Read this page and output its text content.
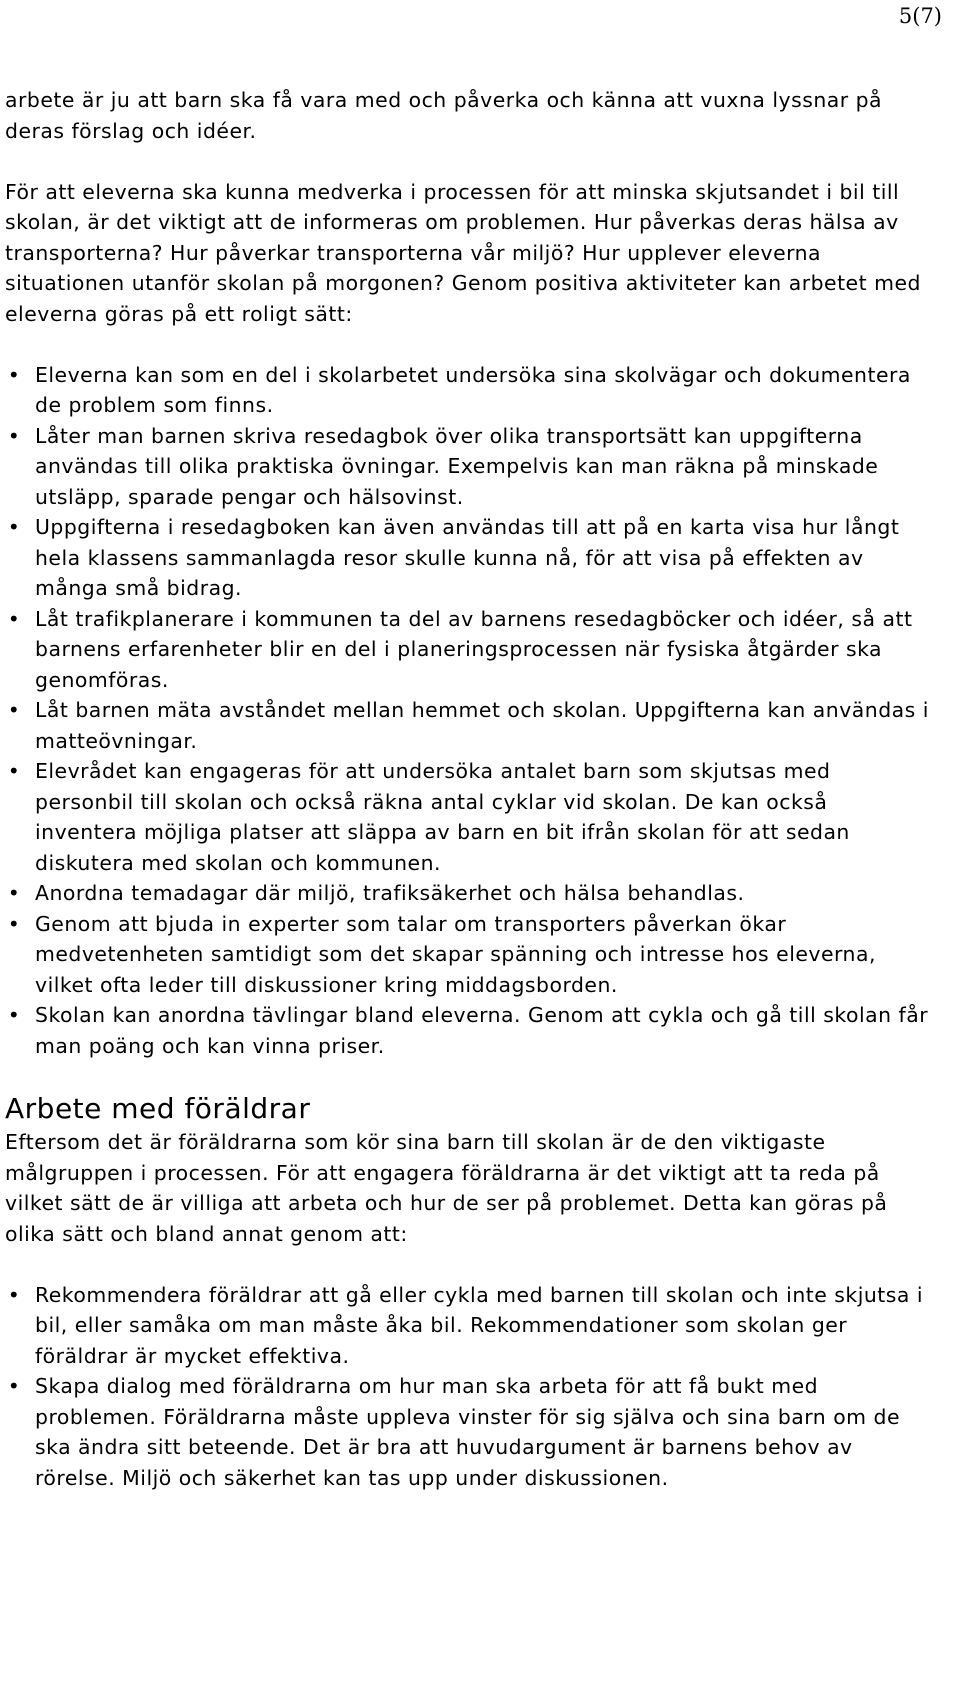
5(7)

arbete är ju att barn ska få vara med och påverka och känna att vuxna lyssnar på deras förslag och idéer.

För att eleverna ska kunna medverka i processen för att minska skjutsandet i bil till skolan, är det viktigt att de informeras om problemen. Hur påverkas deras hälsa av transporterna? Hur påverkar transporterna vår miljö? Hur upplever eleverna situationen utanför skolan på morgonen? Genom positiva aktiviteter kan arbetet med eleverna göras på ett roligt sätt:

• Eleverna kan som en del i skolarbetet undersöka sina skolvägar och dokumentera de problem som finns.
• Låter man barnen skriva resedagbok över olika transportsätt kan uppgifterna användas till olika praktiska övningar. Exempelvis kan man räkna på minskade utsläpp, sparade pengar och hälsovinst.
• Uppgifterna i resedagboken kan även användas till att på en karta visa hur långt hela klassens sammanlagda resor skulle kunna nå, för att visa på effekten av många små bidrag.
• Låt trafikplanerare i kommunen ta del av barnens resedagböcker och idéer, så att barnens erfarenheter blir en del i planeringsprocessen när fysiska åtgärder ska genomföras.
• Låt barnen mäta avståndet mellan hemmet och skolan. Uppgifterna kan användas i matteövningar.
• Elevrådet kan engageras för att undersöka antalet barn som skjutsas med personbil till skolan och också räkna antal cyklar vid skolan. De kan också inventera möjliga platser att släppa av barn en bit ifrån skolan för att sedan diskutera med skolan och kommunen.
• Anordna temadagar där miljö, trafiksäkerhet och hälsa behandlas.
• Genom att bjuda in experter som talar om transporters påverkan ökar medvetenheten samtidigt som det skapar spänning och intresse hos eleverna, vilket ofta leder till diskussioner kring middagsborden.
• Skolan kan anordna tävlingar bland eleverna. Genom att cykla och gå till skolan får man poäng och kan vinna priser.
Arbete med föräldrar

Eftersom det är föräldrarna som kör sina barn till skolan är de den viktigaste målgruppen i processen. För att engagera föräldrarna är det viktigt att ta reda på vilket sätt de är villiga att arbeta och hur de ser på problemet. Detta kan göras på olika sätt och bland annat genom att:

• Rekommendera föräldrar att gå eller cykla med barnen till skolan och inte skjutsa i bil, eller samåka om man måste åka bil. Rekommendationer som skolan ger föräldrar är mycket effektiva.
• Skapa dialog med föräldrarna om hur man ska arbeta för att få bukt med problemen. Föräldrarna måste uppleva vinster för sig själva och sina barn om de ska ändra sitt beteende. Det är bra att huvudargument är barnens behov av rörelse. Miljö och säkerhet kan tas upp under diskussionen.
